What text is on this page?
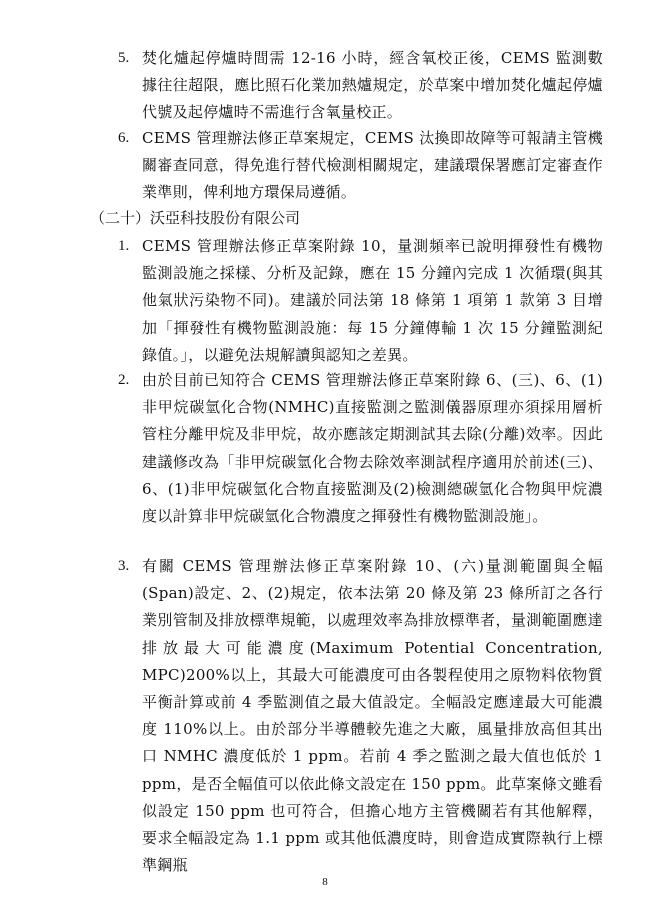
5. 焚化爐起停爐時間需 12-16 小時，經含氧校正後，CEMS 監測數據往往超限，應比照石化業加熱爐規定，於草案中增加焚化爐起停爐代號及起停爐時不需進行含氧量校正。
6. CEMS 管理辦法修正草案規定，CEMS 汰換即故障等可報請主管機關審查同意，得免進行替代檢測相關規定，建議環保署應訂定審查作業準則，俾利地方環保局遵循。
（二十）沃亞科技股份有限公司
1. CEMS 管理辦法修正草案附錄 10，量測頻率已說明揮發性有機物監測設施之採樣、分析及記錄，應在 15 分鐘內完成 1 次循環(與其他氣狀污染物不同)。建議於同法第 18 條第 1 項第 1 款第 3 目增加「揮發性有機物監測設施：每 15 分鐘傳輸 1 次 15 分鐘監測紀錄值。」，以避免法規解讀與認知之差異。
2. 由於目前已知符合 CEMS 管理辦法修正草案附錄 6、(三)、6、(1)非甲烷碳氫化合物(NMHC)直接監測之監測儀器原理亦須採用層析管柱分離甲烷及非甲烷，故亦應該定期測試其去除(分離)效率。因此建議修改為「非甲烷碳氫化合物去除效率測試程序適用於前述(三)、6、(1)非甲烷碳氫化合物直接監測及(2)檢測總碳氫化合物與甲烷濃度以計算非甲烷碳氫化合物濃度之揮發性有機物監測設施」。
3. 有關 CEMS 管理辦法修正草案附錄 10、(六)量測範圍與全幅(Span)設定、2、(2)規定，依本法第 20 條及第 23 條所訂之各行業別管制及排放標準規範，以處理效率為排放標準者，量測範圍應達排放最大可能濃度(Maximum Potential Concentration, MPC)200%以上，其最大可能濃度可由各製程使用之原物料依物質平衡計算或前 4 季監測值之最大值設定。全幅設定應達最大可能濃度 110%以上。由於部分半導體較先進之大廠，風量排放高但其出口 NMHC 濃度低於 1 ppm。若前 4 季之監測之最大值也低於 1 ppm，是否全幅值可以依此條文設定在 150 ppm。此草案條文雖看似設定 150 ppm 也可符合，但擔心地方主管機關若有其他解釋，要求全幅設定為 1.1 ppm 或其他低濃度時，則會造成實際執行上標準鋼瓶
8
